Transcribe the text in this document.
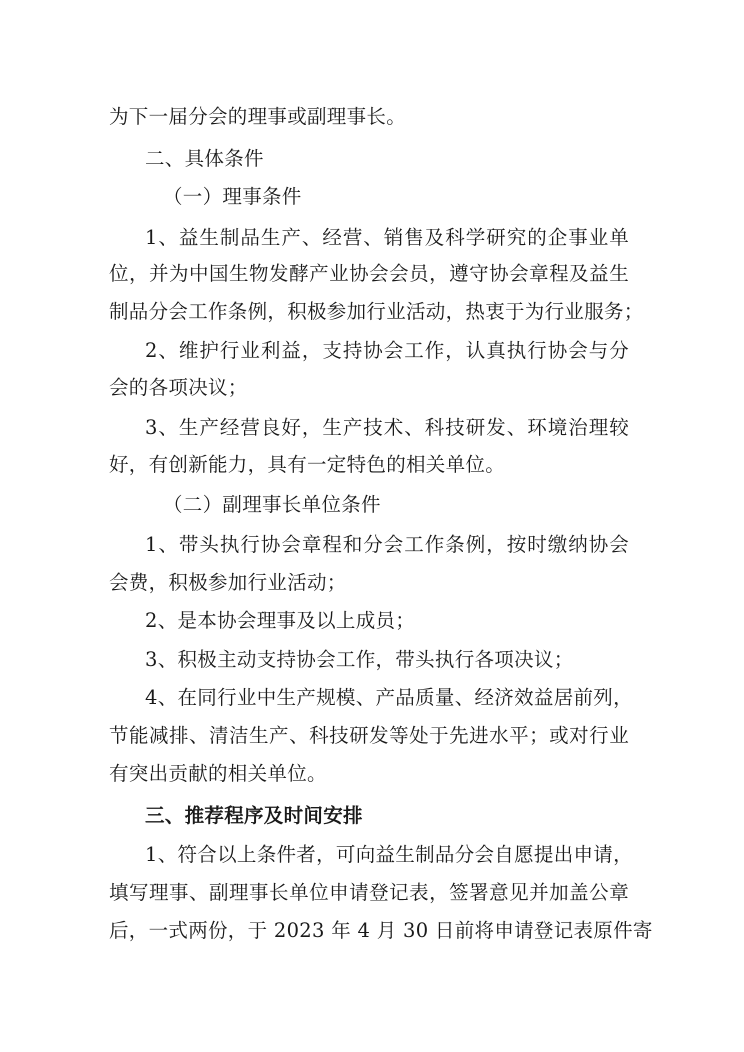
为下一届分会的理事或副理事长。
二、具体条件
（一）理事条件
1、益生制品生产、经营、销售及科学研究的企事业单
位，并为中国生物发酵产业协会会员，遵守协会章程及益生
制品分会工作条例，积极参加行业活动，热衷于为行业服务；
2、维护行业利益，支持协会工作，认真执行协会与分
会的各项决议；
3、生产经营良好，生产技术、科技研发、环境治理较
好，有创新能力，具有一定特色的相关单位。
（二）副理事长单位条件
1、带头执行协会章程和分会工作条例，按时缴纳协会
会费，积极参加行业活动；
2、是本协会理事及以上成员；
3、积极主动支持协会工作，带头执行各项决议；
4、在同行业中生产规模、产品质量、经济效益居前列，
节能减排、清洁生产、科技研发等处于先进水平；或对行业
有突出贡献的相关单位。
三、推荐程序及时间安排
1、符合以上条件者，可向益生制品分会自愿提出申请，
填写理事、副理事长单位申请登记表，签署意见并加盖公章
后，一式两份，于 2023 年 4 月 30 日前将申请登记表原件寄
